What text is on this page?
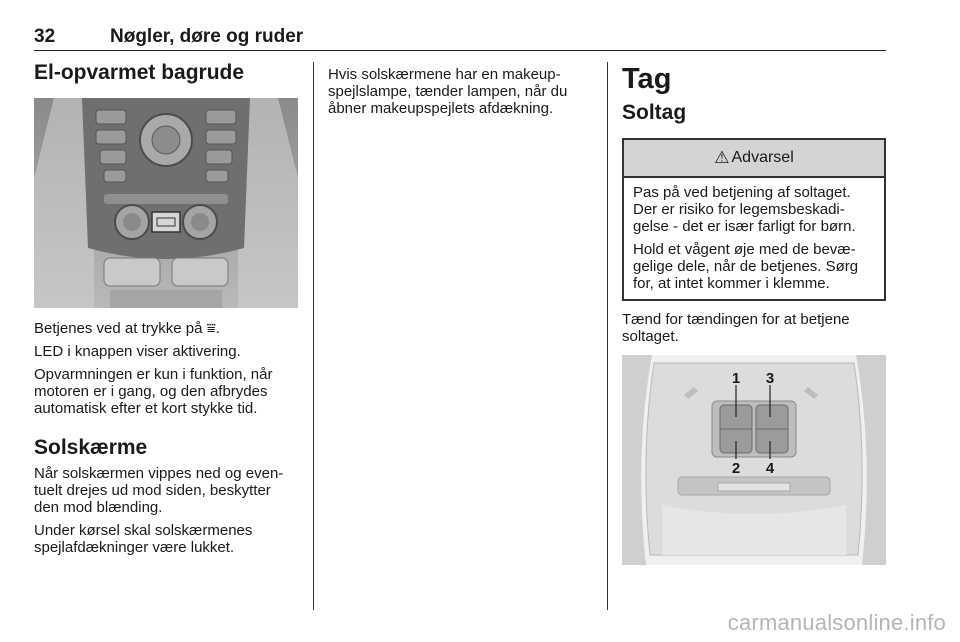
32	Nøgler, døre og ruder
El-opvarmet bagrude

Betjenes ved at trykke på ⩸.

LED i knappen viser aktivering.

Opvarmningen er kun i funktion, når motoren er i gang, og den afbrydes automatisk efter et kort stykke tid.

Solskærme

Når solskærmen vippes ned og even-tuelt drejes ud mod siden, beskytter den mod blænding.

Under kørsel skal solskærmenes spejlafdækninger være lukket.

Hvis solskærmene har en makeup-spejlslampe, tænder lampen, når du åbner makeupspejlets afdækning.

Tag
Soltag
⚠ Advarsel

Pas på ved betjening af soltaget. Der er risiko for legemsbeskadi-gelse - det er især farligt for børn.

Hold et vågent øje med de bevæ-gelige dele, når de betjenes. Sørg for, at intet kommer i klemme.

Tænd for tændingen for at betjene soltaget.

1 3
2 4
carmanualsonline.info
